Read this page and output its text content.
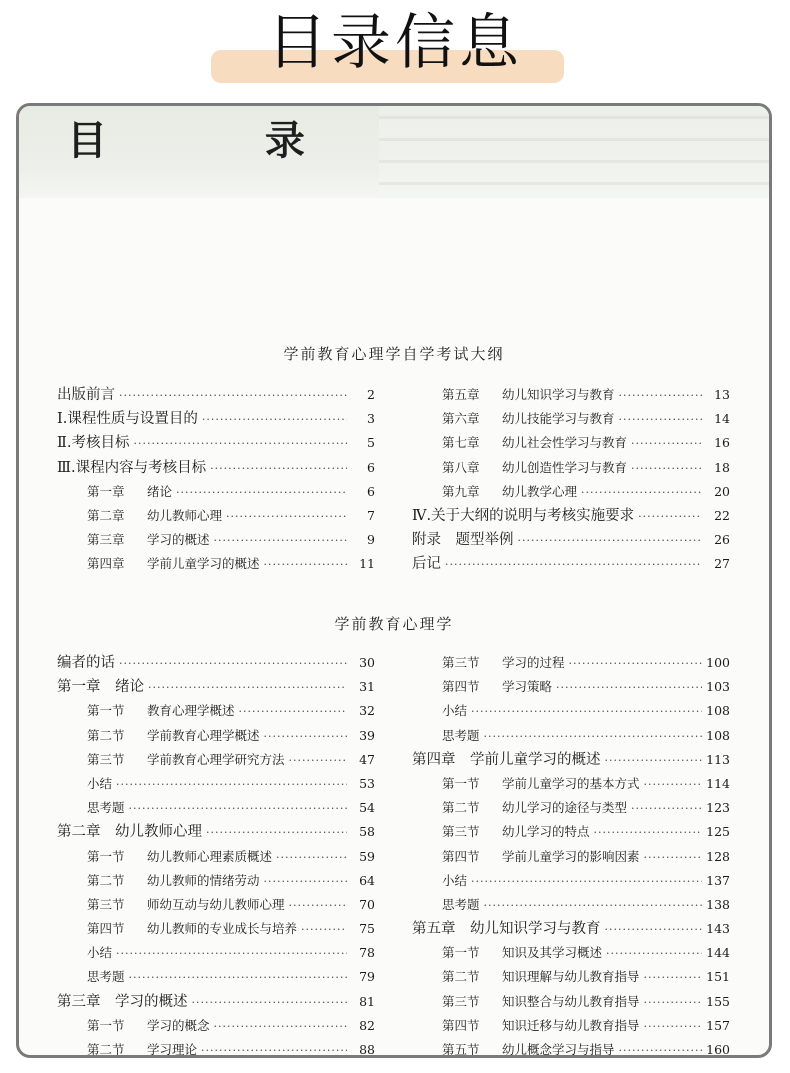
目录信息
目 录
学前教育心理学自学考试大纲
出版前言 ·····	2
Ⅰ.课程性质与设置目的 ·····	3
Ⅱ.考核目标 ·····	5
Ⅲ.课程内容与考核目标 ·····	6
第一章 绪论 ·····	6
第二章 幼儿教师心理 ·····	7
第三章 学习的概述 ·····	9
第四章 学前儿童学习的概述 ·····	11
第五章 幼儿知识学习与教育 ·····	13
第六章 幼儿技能学习与教育 ·····	14
第七章 幼儿社会性学习与教育 ·····	16
第八章 幼儿创造性学习与教育 ·····	18
第九章 幼儿教学心理 ·····	20
Ⅳ.关于大纲的说明与考核实施要求 ·····	22
附录　题型举例 ·····	26
后记 ·····	27
学前教育心理学
编者的话 ·····	30
第一章　绪论 ·····	31
第一节 教育心理学概述 ·····	32
第二节 学前教育心理学概述 ·····	39
第三节 学前教育心理学研究方法 ·····	47
小结 ·····	53
思考题 ·····	54
第二章　幼儿教师心理 ·····	58
第一节 幼儿教师心理素质概述 ·····	59
第二节 幼儿教师的情绪劳动 ·····	64
第三节 师幼互动与幼儿教师心理 ·····	70
第四节 幼儿教师的专业成长与培养 ·····	75
小结 ·····	78
思考题 ·····	79
第三章　学习的概述 ·····	81
第一节 学习的概念 ·····	82
第二节 学习理论 ·····	88
第三节 学习的过程 ·····	100
第四节 学习策略 ·····	103
小结 ·····	108
思考题 ·····	108
第四章　学前儿童学习的概述 ·····	113
第一节 学前儿童学习的基本方式 ·····	114
第二节 幼儿学习的途径与类型 ·····	123
第三节 幼儿学习的特点 ·····	125
第四节 学前儿童学习的影响因素 ·····	128
小结 ·····	137
思考题 ·····	138
第五章　幼儿知识学习与教育 ·····	143
第一节 知识及其学习概述 ·····	144
第二节 知识理解与幼儿教育指导 ·····	151
第三节 知识整合与幼儿教育指导 ·····	155
第四节 知识迁移与幼儿教育指导 ·····	157
第五节 幼儿概念学习与指导 ·····	160
